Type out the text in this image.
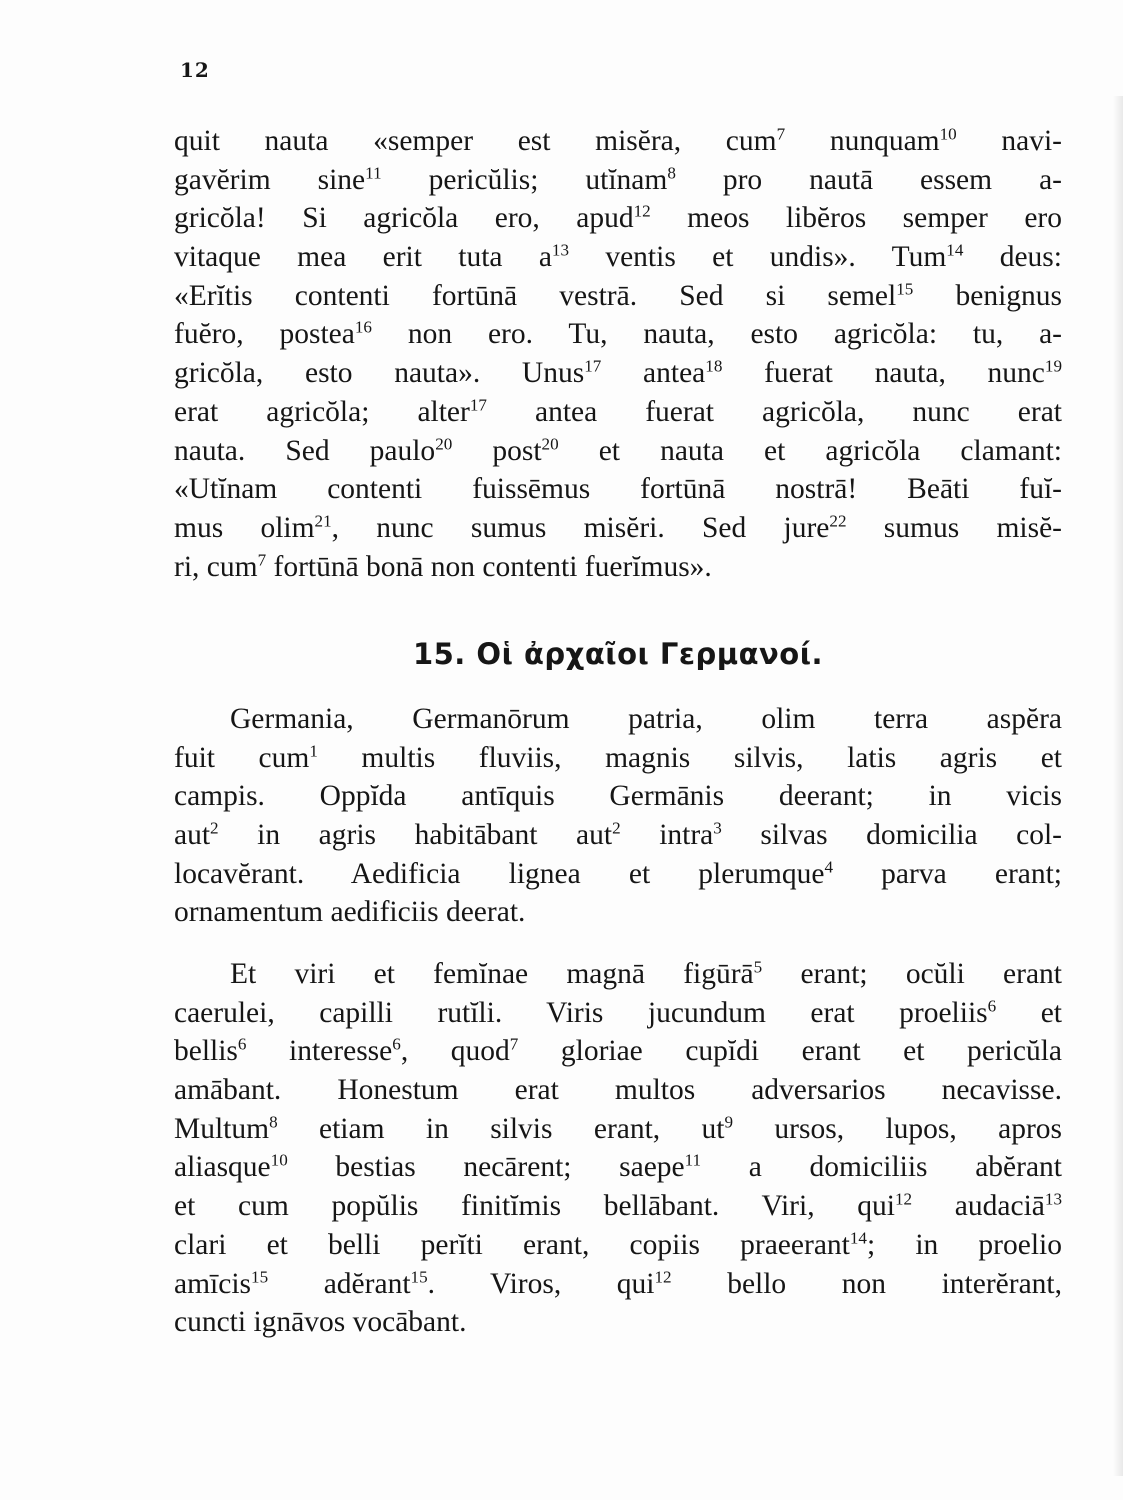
12
quit nauta «semper est misĕra, cum$^7$ nunquam$^{10}$ navi-
gavĕrim sine$^{11}$ pericŭlis; utĭnam$^8$ pro nautā essem a-
gricŏla! Si agricŏla ero, apud$^{12}$ meos libĕros semper ero
vitaque mea erit tuta $a^{13}$ ventis et undis». Tum$^{14}$ deus:
«Erĭtis contenti fortūnā vestrā. Sed si semel$^{15}$ benignus
fuĕro, postea$^{16}$ non ero. Tu, nauta, esto agricŏla: tu, a-
gricŏla, esto nauta». Unus$^{17}$ antea$^{18}$ fuerat nauta, nunc$^{19}$
erat agricŏla; alter$^{17}$ antea fuerat agricŏla, nunc erat
nauta. Sed paulo$^{20}$ post$^{20}$ et nauta et agricŏla clamant:
«Utĭnam contenti fuissēmus fortūnā nostrā! Beāti fuĭ-
mus olim$^{21}$, nunc sumus misĕri. Sed jure$^{22}$ sumus misĕ-
ri, cum$^7$ fortūnā bonā non contenti fuerĭmus».
15. Οἱ ἀρχαῖοι Γερμανοί.
Germania, Germanōrum patria, olim terra aspĕra
fuit cum$^1$ multis fluviis, magnis silvis, latis agris et
campis. Oppĭda antīquis Germānis deerant; in vicis
aut$^2$ in agris habitābant aut$^2$ intra$^3$ silvas domicilia col-
locavĕrant. Aedificia lignea et plerumque$^4$ parva erant;
ornamentum aedificiis deerat.
Et viri et femĭnae magnā figūrā$^5$ erant; ocŭli erant
caerulei, capilli rutĭli. Viris jucundum erat proeliis$^6$ et
bellis$^6$ interesse$^6$, quod$^7$ gloriae cupĭdi erant et pericŭla
amābant. Honestum erat multos adversarios necavisse.
Multum$^8$ etiam in silvis erant, $ut^9$ ursos, lupos, apros
aliasque$^{10}$ bestias necārent; saepe$^{11}$ a domiciliis abĕrant
et cum popŭlis finitĭmis bellābant. Viri, qui$^{12}$ audaciā$^{13}$
clari et belli perĭti erant, copiis praeerant$^{14}$; in proelio
amīcis$^{15}$ adĕrant$^{15}$. Viros, qui$^{12}$ bello non interĕrant,
cuncti ignāvos vocābant.
